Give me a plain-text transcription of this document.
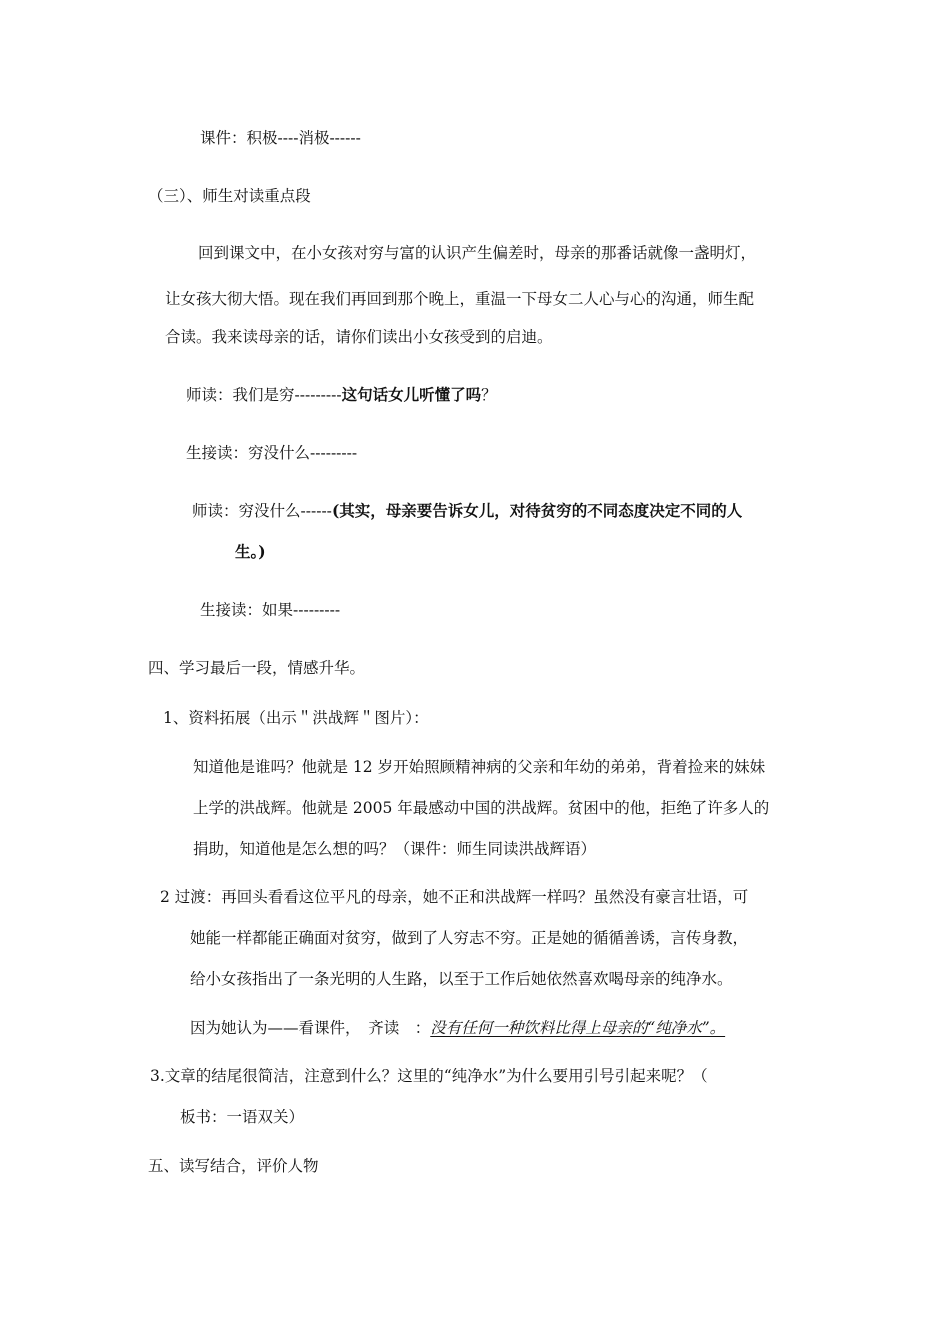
课件：积极----消极------
（三）、师生对读重点段
回到课文中，在小女孩对穷与富的认识产生偏差时，母亲的那番话就像一盏明灯，
让女孩大彻大悟。现在我们再回到那个晚上，重温一下母女二人心与心的沟通，师生配
合读。我来读母亲的话，请你们读出小女孩受到的启迪。
师读：我们是穷---------这句话女儿听懂了吗？
生接读：穷没什么---------
师读：穷没什么------(其实，母亲要告诉女儿，对待贫穷的不同态度决定不同的人
生。)
生接读：如果---------
四、学习最后一段，情感升华。
1、资料拓展（出示＂洪战辉＂图片）：
知道他是谁吗？他就是 12 岁开始照顾精神病的父亲和年幼的弟弟，背着捡来的妹妹
上学的洪战辉。他就是 2005 年最感动中国的洪战辉。贫困中的他，拒绝了许多人的
捐助，知道他是怎么想的吗？（课件：师生同读洪战辉语）
2 过渡：再回头看看这位平凡的母亲，她不正和洪战辉一样吗？虽然没有豪言壮语，可
她能一样都能正确面对贫穷，做到了人穷志不穷。正是她的循循善诱，言传身教，
给小女孩指出了一条光明的人生路，以至于工作后她依然喜欢喝母亲的纯净水。
因为她认为——看课件，　齐读　：没有任何一种饮料比得上母亲的“纯净水”。
3.文章的结尾很简洁，注意到什么？这里的“纯净水”为什么要用引号引起来呢？（
板书：一语双关）
五、读写结合，评价人物
